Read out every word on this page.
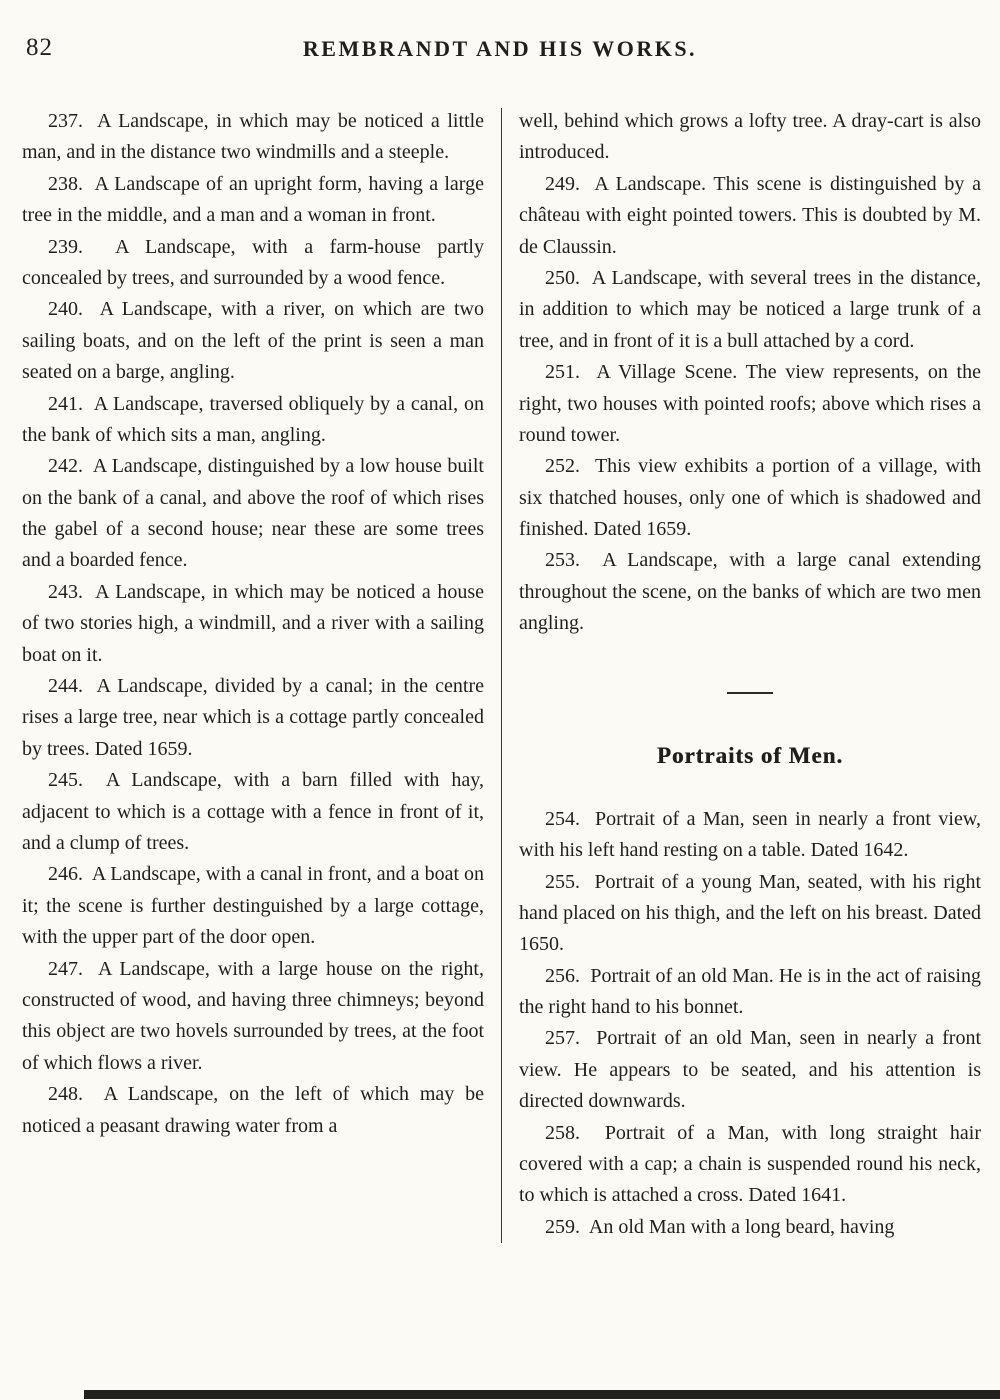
82	REMBRANDT AND HIS WORKS.

237.  A Landscape, in which may be noticed a little man, and in the distance two windmills and a steeple.

238.  A Landscape of an upright form, having a large tree in the middle, and a man and a woman in front.

239.  A Landscape, with a farm-house partly concealed by trees, and surrounded by a wood fence.

240.  A Landscape, with a river, on which are two sailing boats, and on the left of the print is seen a man seated on a barge, angling.

241.  A Landscape, traversed obliquely by a canal, on the bank of which sits a man, angling.

242.  A Landscape, distinguished by a low house built on the bank of a canal, and above the roof of which rises the gabel of a second house; near these are some trees and a boarded fence.

243.  A Landscape, in which may be noticed a house of two stories high, a windmill, and a river with a sailing boat on it.

244.  A Landscape, divided by a canal; in the centre rises a large tree, near which is a cottage partly concealed by trees. Dated 1659.

245.  A Landscape, with a barn filled with hay, adjacent to which is a cottage with a fence in front of it, and a clump of trees.

246.  A Landscape, with a canal in front, and a boat on it; the scene is further destinguished by a large cottage, with the upper part of the door open.

247.  A Landscape, with a large house on the right, constructed of wood, and having three chimneys; beyond this object are two hovels surrounded by trees, at the foot of which flows a river.

248.  A Landscape, on the left of which may be noticed a peasant drawing water from a

well, behind which grows a lofty tree. A dray-cart is also introduced.

249.  A Landscape. This scene is distinguished by a château with eight pointed towers. This is doubted by M. de Claussin.

250.  A Landscape, with several trees in the distance, in addition to which may be noticed a large trunk of a tree, and in front of it is a bull attached by a cord.

251.  A Village Scene. The view represents, on the right, two houses with pointed roofs; above which rises a round tower.

252.  This view exhibits a portion of a village, with six thatched houses, only one of which is shadowed and finished. Dated 1659.

253.  A Landscape, with a large canal extending throughout the scene, on the banks of which are two men angling.

Portraits of Men.

254.  Portrait of a Man, seen in nearly a front view, with his left hand resting on a table. Dated 1642.

255.  Portrait of a young Man, seated, with his right hand placed on his thigh, and the left on his breast. Dated 1650.

256.  Portrait of an old Man. He is in the act of raising the right hand to his bonnet.

257.  Portrait of an old Man, seen in nearly a front view. He appears to be seated, and his attention is directed downwards.

258.  Portrait of a Man, with long straight hair covered with a cap; a chain is suspended round his neck, to which is attached a cross. Dated 1641.

259.  An old Man with a long beard, having
